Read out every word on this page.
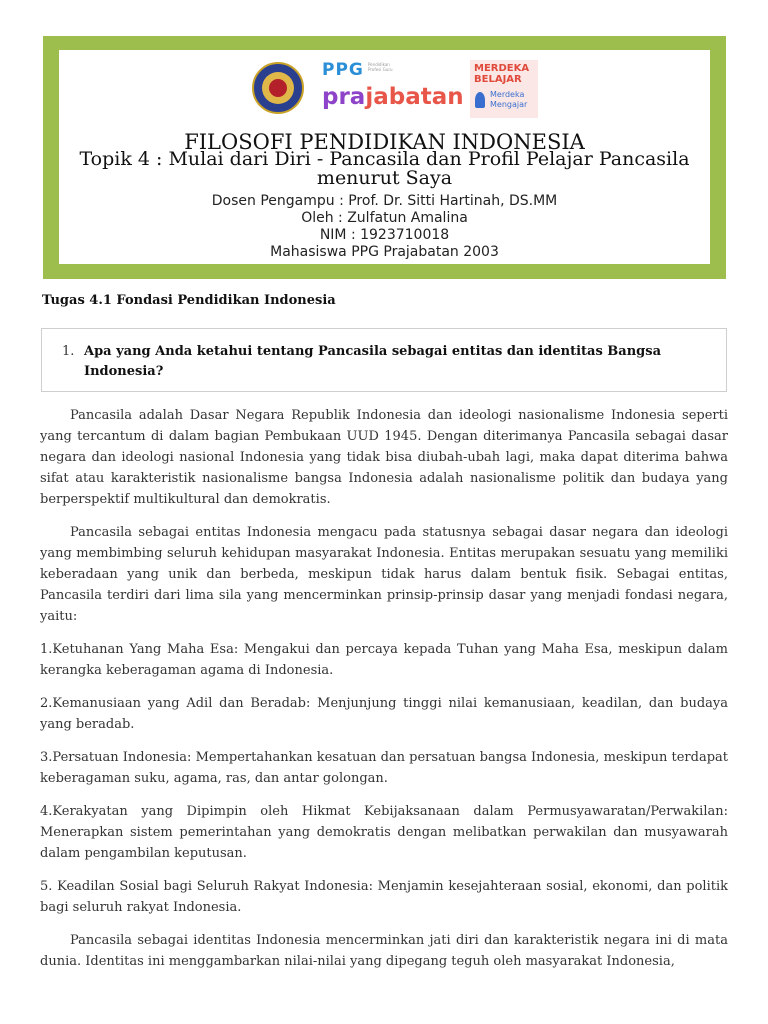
PPG Pendidikan Profesi Guru
prajabatan
MERDEKA
BELAJAR
Merdeka
Mengajar
FILOSOFI PENDIDIKAN INDONESIA
Topik 4 : Mulai dari Diri - Pancasila dan Profil Pelajar Pancasila menurut Saya
Dosen Pengampu : Prof. Dr. Sitti Hartinah, DS.MM
Oleh : Zulfatun Amalina
NIM : 1923710018
Mahasiswa PPG Prajabatan 2003
Tugas 4.1 Fondasi Pendidikan Indonesia
1. Apa yang Anda ketahui tentang Pancasila sebagai entitas dan identitas Bangsa Indonesia?

Pancasila adalah Dasar Negara Republik Indonesia dan ideologi nasionalisme Indonesia seperti yang tercantum di dalam bagian Pembukaan UUD 1945. Dengan diterimanya Pancasila sebagai dasar negara dan ideologi nasional Indonesia yang tidak bisa diubah-ubah lagi, maka dapat diterima bahwa sifat atau karakteristik nasionalisme bangsa Indonesia adalah nasionalisme politik dan budaya yang berperspektif multikultural dan demokratis.

Pancasila sebagai entitas Indonesia mengacu pada statusnya sebagai dasar negara dan ideologi yang membimbing seluruh kehidupan masyarakat Indonesia. Entitas merupakan sesuatu yang memiliki keberadaan yang unik dan berbeda, meskipun tidak harus dalam bentuk fisik. Sebagai entitas, Pancasila terdiri dari lima sila yang mencerminkan prinsip-prinsip dasar yang menjadi fondasi negara, yaitu:

1.Ketuhanan Yang Maha Esa: Mengakui dan percaya kepada Tuhan yang Maha Esa, meskipun dalam kerangka keberagaman agama di Indonesia.

2.Kemanusiaan yang Adil dan Beradab: Menjunjung tinggi nilai kemanusiaan, keadilan, dan budaya yang beradab.

3.Persatuan Indonesia: Mempertahankan kesatuan dan persatuan bangsa Indonesia, meskipun terdapat keberagaman suku, agama, ras, dan antar golongan.

4.Kerakyatan yang Dipimpin oleh Hikmat Kebijaksanaan dalam Permusyawaratan/Perwakilan: Menerapkan sistem pemerintahan yang demokratis dengan melibatkan perwakilan dan musyawarah dalam pengambilan keputusan.

5. Keadilan Sosial bagi Seluruh Rakyat Indonesia: Menjamin kesejahteraan sosial, ekonomi, dan politik bagi seluruh rakyat Indonesia.

Pancasila sebagai identitas Indonesia mencerminkan jati diri dan karakteristik negara ini di mata dunia. Identitas ini menggambarkan nilai-nilai yang dipegang teguh oleh masyarakat Indonesia,
